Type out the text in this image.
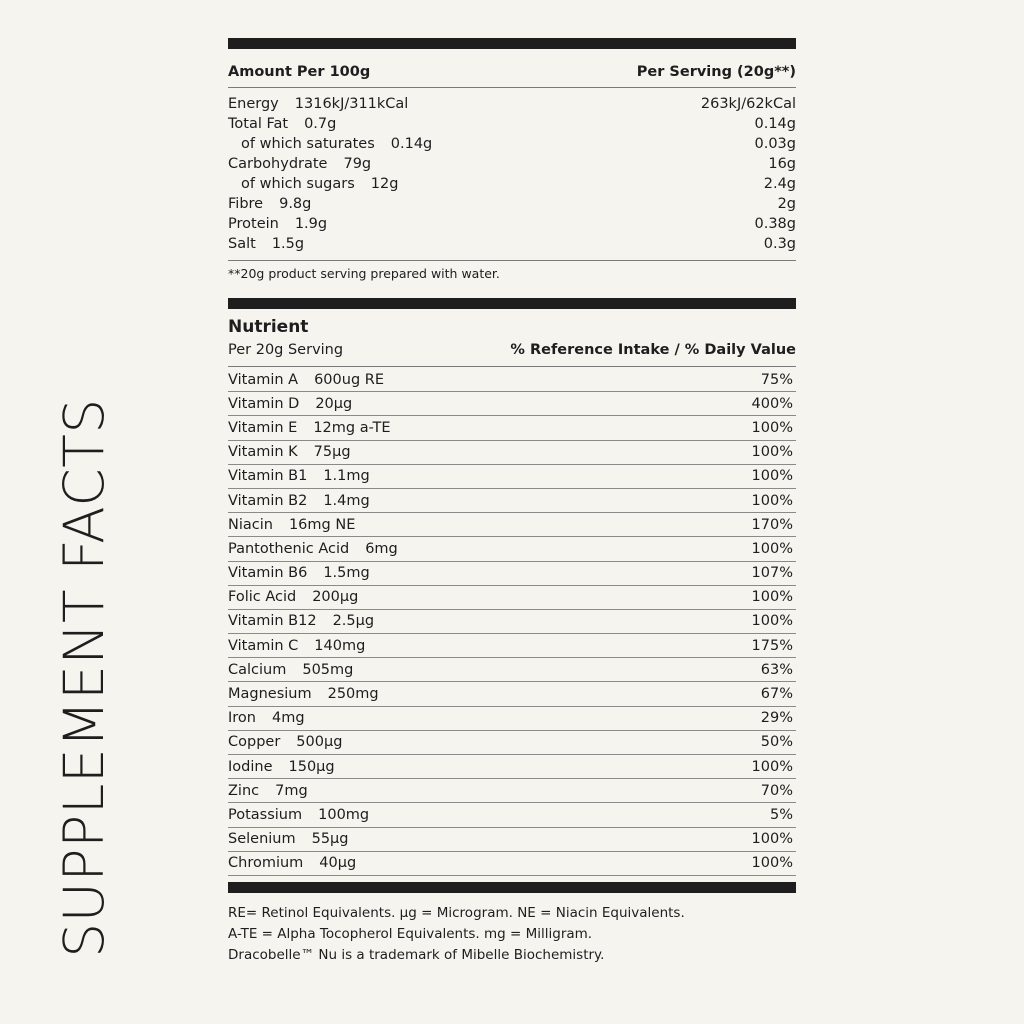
SUPPLEMENT FACTS
Amount Per 100g	Per Serving (20g**)
Energy 1316kJ/311kCal	263kJ/62kCal
Total Fat 0.7g	0.14g
of which saturates 0.14g	0.03g
Carbohydrate 79g	16g
of which sugars 12g	2.4g
Fibre 9.8g	2g
Protein 1.9g	0.38g
Salt 1.5g	0.3g
**20g product serving prepared with water.
Nutrient
Per 20g Serving	% Reference Intake / % Daily Value
Vitamin A 600ug RE	75%
Vitamin D 20µg	400%
Vitamin E 12mg a-TE	100%
Vitamin K 75µg	100%
Vitamin B1 1.1mg	100%
Vitamin B2 1.4mg	100%
Niacin 16mg NE	170%
Pantothenic Acid 6mg	100%
Vitamin B6 1.5mg	107%
Folic Acid 200µg	100%
Vitamin B12 2.5µg	100%
Vitamin C 140mg	175%
Calcium 505mg	63%
Magnesium 250mg	67%
Iron 4mg	29%
Copper 500µg	50%
Iodine 150µg	100%
Zinc 7mg	70%
Potassium 100mg	5%
Selenium 55µg	100%
Chromium 40µg	100%
RE= Retinol Equivalents. µg = Microgram. NE = Niacin Equivalents.
A-TE = Alpha Tocopherol Equivalents. mg = Milligram.
Dracobelle™ Nu is a trademark of Mibelle Biochemistry.
